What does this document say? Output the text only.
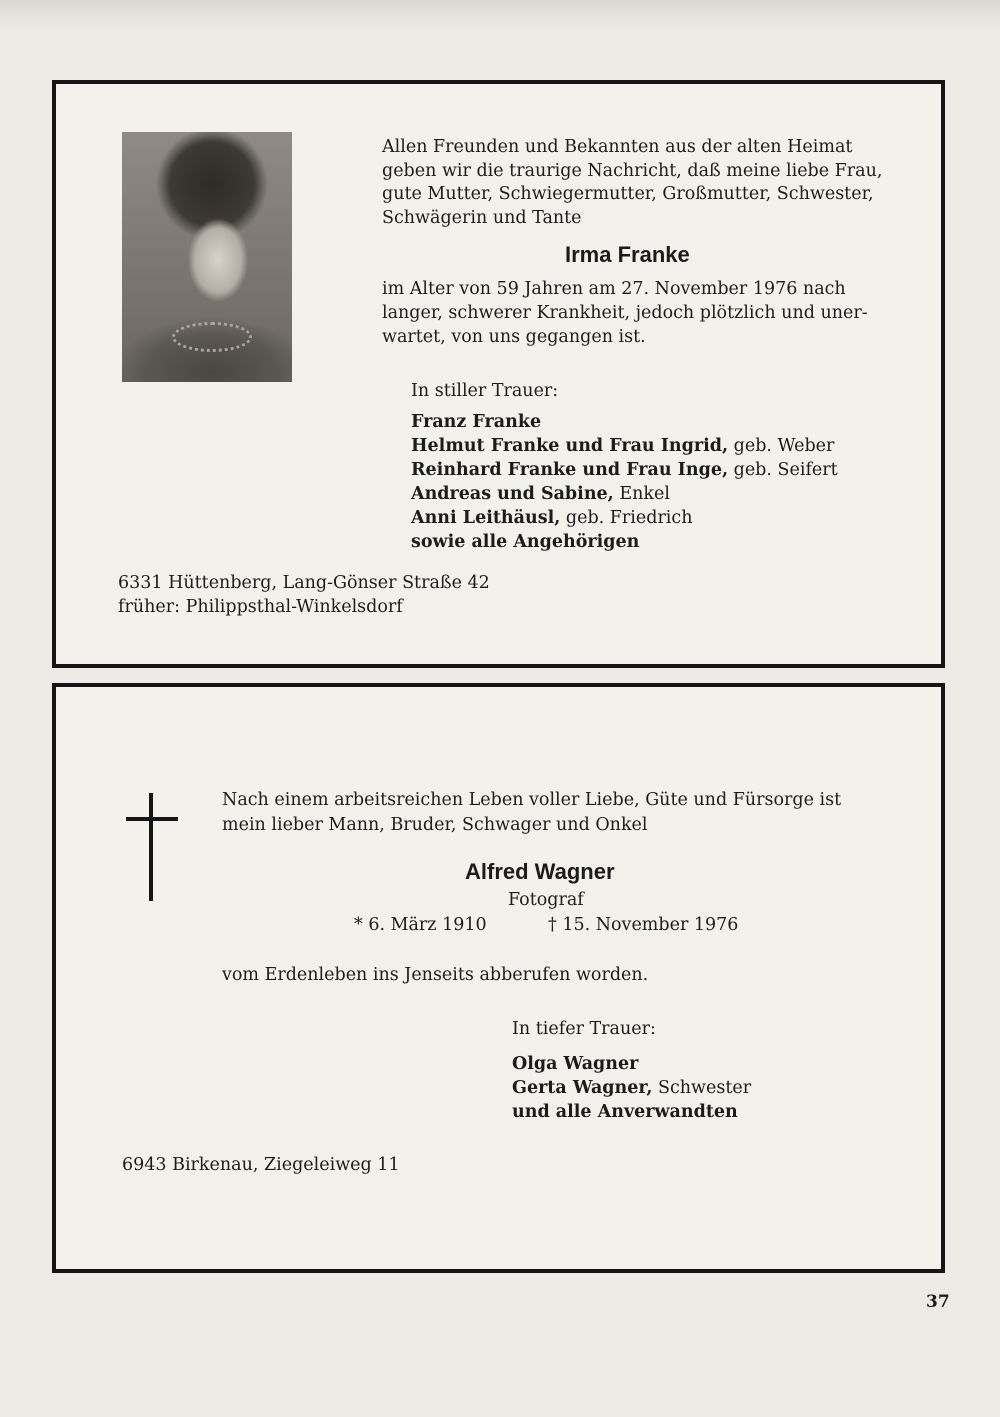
Allen Freunden und Bekannten aus der alten Heimat
geben wir die traurige Nachricht, daß meine liebe Frau,
gute Mutter, Schwiegermutter, Großmutter, Schwester,
Schwägerin und Tante
Irma Franke
im Alter von 59 Jahren am 27. November 1976 nach
langer, schwerer Krankheit, jedoch plötzlich und uner-
wartet, von uns gegangen ist.
In stiller Trauer:
Franz Franke
Helmut Franke und Frau Ingrid, geb. Weber
Reinhard Franke und Frau Inge, geb. Seifert
Andreas und Sabine, Enkel
Anni Leithäusl, geb. Friedrich
sowie alle Angehörigen
6331 Hüttenberg, Lang-Gönser Straße 42
früher: Philippsthal-Winkelsdorf
Nach einem arbeitsreichen Leben voller Liebe, Güte und Fürsorge ist
mein lieber Mann, Bruder, Schwager und Onkel
Alfred Wagner
Fotograf
* 6. März 1910	† 15. November 1976
vom Erdenleben ins Jenseits abberufen worden.
In tiefer Trauer:
Olga Wagner
Gerta Wagner, Schwester
und alle Anverwandten
6943 Birkenau, Ziegeleiweg 11
37
